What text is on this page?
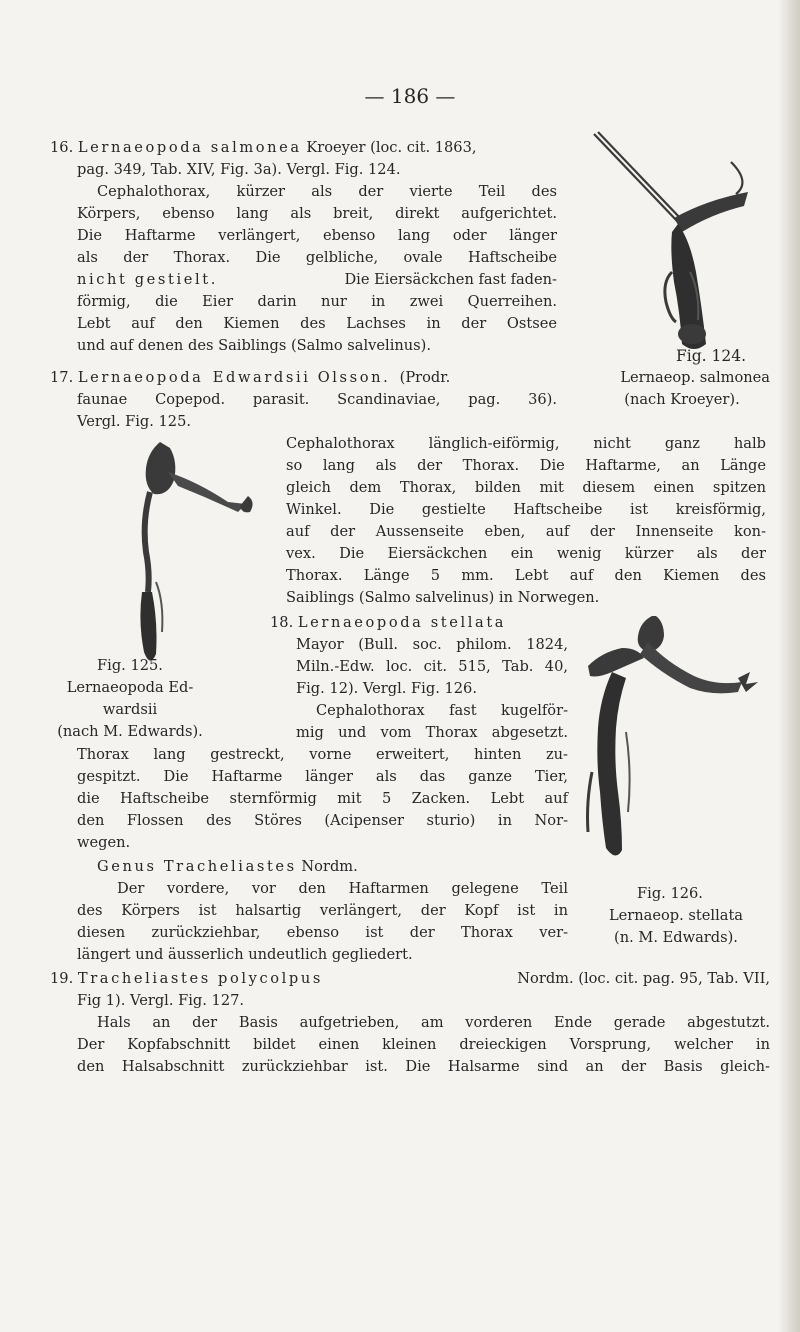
— 186 —
16. Lernaeopoda salmonea Kroeyer (loc. cit. 1863,
pag. 349, Tab. XIV, Fig. 3a). Vergl. Fig. 124.
Cephalothorax, kürzer als der vierte Teil des
Körpers, ebenso lang als breit, direkt aufgerichtet.
Die Haftarme verlängert, ebenso lang oder länger
als der Thorax. Die gelbliche, ovale Haftscheibe
nicht gestielt.	Die Eiersäckchen fast faden-
förmig, die Eier darin nur in zwei Querreihen.
Lebt auf den Kiemen des Lachses in der Ostsee
und auf denen des Saiblings (Salmo salvelinus).
Fig. 124.
17. Lernaeopoda Edwardsii Olsson. (Prodr.	Lernaeop. salmonea
faunae Copepod. parasit. Scandinaviae, pag. 36).	(nach Kroeyer).
Vergl. Fig. 125.
Cephalothorax länglich-eiförmig, nicht ganz halb
so lang als der Thorax. Die Haftarme, an Länge
gleich dem Thorax, bilden mit diesem einen spitzen
Winkel. Die gestielte Haftscheibe ist kreisförmig,
auf der Aussenseite eben, auf der Innenseite kon-
vex. Die Eiersäckchen ein wenig kürzer als der
Thorax. Länge 5 mm. Lebt auf den Kiemen des
Saiblings (Salmo salvelinus) in Norwegen.
Fig. 125.
Lernaeopoda Ed-
wardsii
(nach M. Edwards).
18. Lernaeopoda stellata
Mayor (Bull. soc. philom. 1824,
Miln.-Edw. loc. cit. 515, Tab. 40,
Fig. 12). Vergl. Fig. 126.
Cephalothorax fast kugelför-
mig und vom Thorax abgesetzt.
Thorax lang gestreckt, vorne erweitert, hinten zu-
gespitzt. Die Haftarme länger als das ganze Tier,
die Haftscheibe sternförmig mit 5 Zacken. Lebt auf
den Flossen des Störes (Acipenser sturio) in Nor-
wegen.
Genus Tracheliastes Nordm.
Der vordere, vor den Haftarmen gelegene Teil
des Körpers ist halsartig verlängert, der Kopf ist in
diesen zurückziehbar, ebenso ist der Thorax ver-
längert und äusserlich undeutlich gegliedert.
Fig. 126.
Lernaeop. stellata
(n. M. Edwards).
19. Tracheliastes polycolpus	Nordm. (loc. cit. pag. 95, Tab. VII,
Fig 1). Vergl. Fig. 127.
Hals an der Basis aufgetrieben, am vorderen Ende gerade abgestutzt.
Der Kopfabschnitt bildet einen kleinen dreieckigen Vorsprung, welcher in
den Halsabschnitt zurückziehbar ist. Die Halsarme sind an der Basis gleich-
